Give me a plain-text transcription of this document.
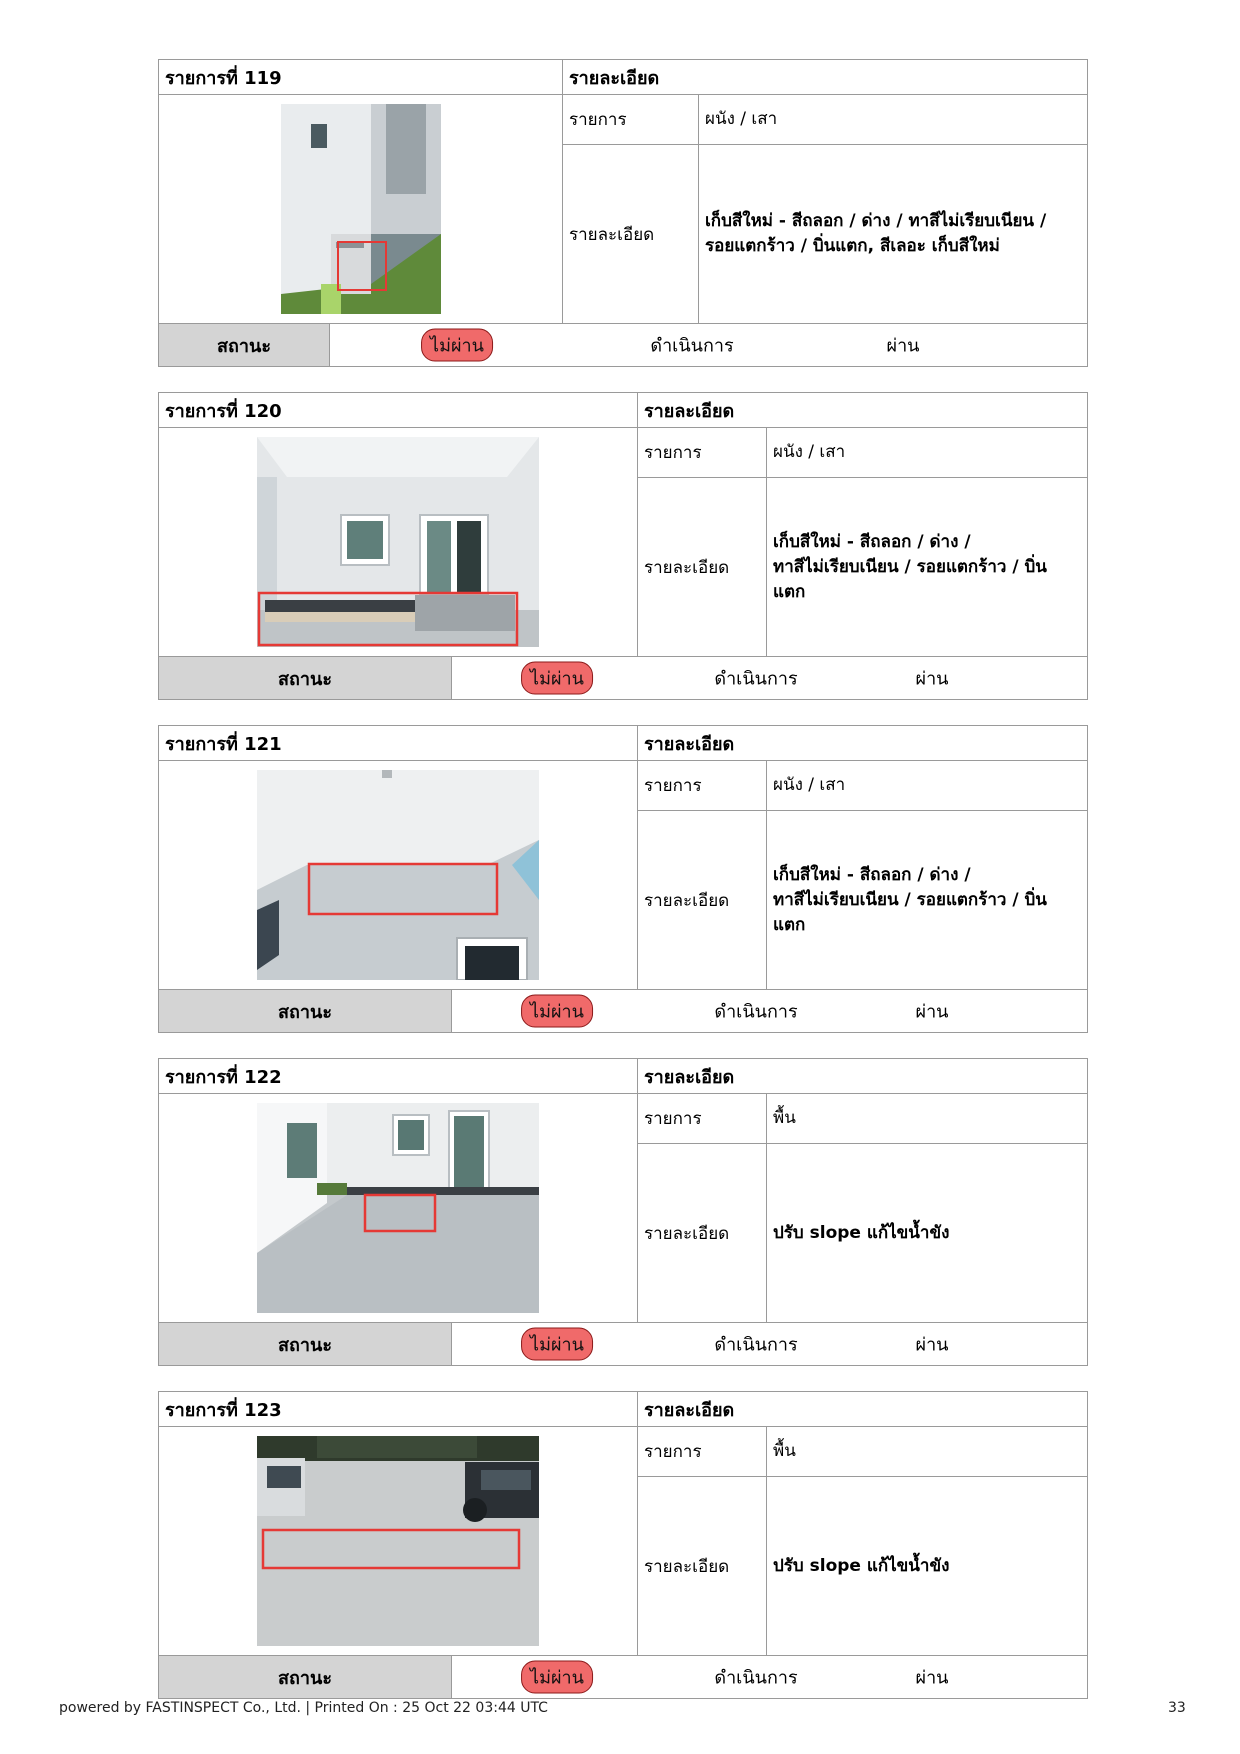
รายการที่ 119	รายละเอียด
รายการ	ผนัง / เสา
รายละเอียด
เก็บสีใหม่ - สีถลอก / ด่าง / ทาสีไม่เรียบเนียน /
รอยแตกร้าว / บิ่นแตก, สีเลอะ เก็บสีใหม่
สถานะ	ไม่ผ่าน	ดำเนินการ	ผ่าน
รายการที่ 120	รายละเอียด
รายการ	ผนัง / เสา
รายละเอียด
เก็บสีใหม่ - สีถลอก / ด่าง /
ทาสีไม่เรียบเนียน / รอยแตกร้าว / บิ่นแตก
สถานะ	ไม่ผ่าน	ดำเนินการ	ผ่าน
รายการที่ 121	รายละเอียด
รายการ	ผนัง / เสา
รายละเอียด
เก็บสีใหม่ - สีถลอก / ด่าง /
ทาสีไม่เรียบเนียน / รอยแตกร้าว / บิ่นแตก
สถานะ	ไม่ผ่าน	ดำเนินการ	ผ่าน
รายการที่ 122	รายละเอียด
รายการ	พื้น
รายละเอียด	ปรับ slope แก้ไขน้ำขัง
สถานะ	ไม่ผ่าน	ดำเนินการ	ผ่าน
รายการที่ 123	รายละเอียด
รายการ	พื้น
รายละเอียด	ปรับ slope แก้ไขน้ำขัง
สถานะ	ไม่ผ่าน	ดำเนินการ	ผ่าน
powered by FASTINSPECT Co., Ltd. | Printed On : 25 Oct 22 03:44 UTC	33
